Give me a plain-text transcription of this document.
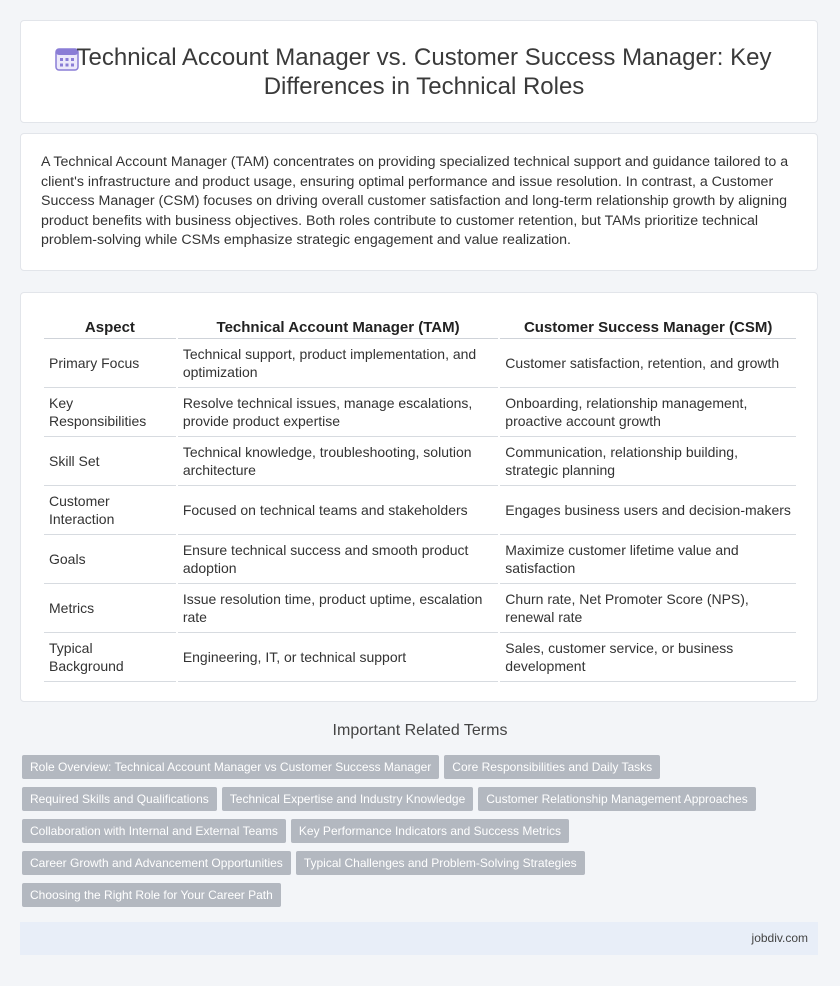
Technical Account Manager vs. Customer Success Manager: Key Differences in Technical Roles
A Technical Account Manager (TAM) concentrates on providing specialized technical support and guidance tailored to a client's infrastructure and product usage, ensuring optimal performance and issue resolution. In contrast, a Customer Success Manager (CSM) focuses on driving overall customer satisfaction and long-term relationship growth by aligning product benefits with business objectives. Both roles contribute to customer retention, but TAMs prioritize technical problem-solving while CSMs emphasize strategic engagement and value realization.
Aspect	Technical Account Manager (TAM)	Customer Success Manager (CSM)
Primary Focus	Technical support, product implementation, and optimization	Customer satisfaction, retention, and growth
Key Responsibilities	Resolve technical issues, manage escalations, provide product expertise	Onboarding, relationship management, proactive account growth
Skill Set	Technical knowledge, troubleshooting, solution architecture	Communication, relationship building, strategic planning
Customer Interaction	Focused on technical teams and stakeholders	Engages business users and decision-makers
Goals	Ensure technical success and smooth product adoption	Maximize customer lifetime value and satisfaction
Metrics	Issue resolution time, product uptime, escalation rate	Churn rate, Net Promoter Score (NPS), renewal rate
Typical Background	Engineering, IT, or technical support	Sales, customer service, or business development
Important Related Terms
Role Overview: Technical Account Manager vs Customer Success Manager Core Responsibilities and Daily Tasks
Required Skills and Qualifications Technical Expertise and Industry Knowledge Customer Relationship Management Approaches
Collaboration with Internal and External Teams Key Performance Indicators and Success Metrics
Career Growth and Advancement Opportunities Typical Challenges and Problem-Solving Strategies
Choosing the Right Role for Your Career Path
jobdiv.com
